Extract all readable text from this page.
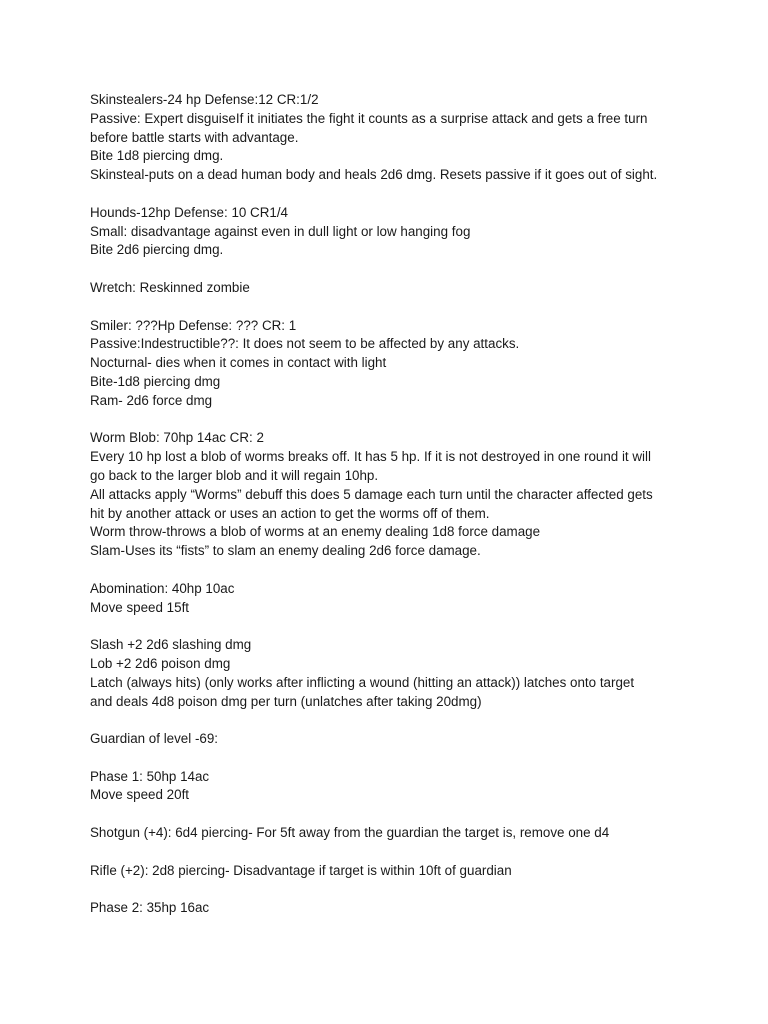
Skinstealers-24 hp Defense:12 CR:1/2

Passive: Expert disguiseIf it initiates the fight it counts as a surprise attack and gets a free turn

before battle starts with advantage.

Bite 1d8 piercing dmg.

Skinsteal-puts on a dead human body and heals 2d6 dmg. Resets passive if it goes out of sight.

Hounds-12hp Defense: 10 CR1/4

Small: disadvantage against even in dull light or low hanging fog

Bite 2d6 piercing dmg.

Wretch: Reskinned zombie

Smiler: ???Hp Defense: ??? CR: 1

Passive:Indestructible??: It does not seem to be affected by any attacks.

Nocturnal- dies when it comes in contact with light

Bite-1d8 piercing dmg

Ram- 2d6 force dmg

Worm Blob: 70hp 14ac CR: 2

Every 10 hp lost a blob of worms breaks off. It has 5 hp. If it is not destroyed in one round it will

go back to the larger blob and it will regain 10hp.

All attacks apply “Worms” debuff this does 5 damage each turn until the character affected gets

hit by another attack or uses an action to get the worms off of them.

Worm throw-throws a blob of worms at an enemy dealing 1d8 force damage

Slam-Uses its “fists” to slam an enemy dealing 2d6 force damage.

Abomination: 40hp 10ac

Move speed 15ft

Slash +2 2d6 slashing dmg

Lob +2 2d6 poison dmg

Latch (always hits) (only works after inflicting a wound (hitting an attack)) latches onto target

and deals 4d8 poison dmg per turn (unlatches after taking 20dmg)

Guardian of level -69:

Phase 1: 50hp 14ac

Move speed 20ft

Shotgun (+4): 6d4 piercing- For 5ft away from the guardian the target is, remove one d4

Rifle (+2): 2d8 piercing- Disadvantage if target is within 10ft of guardian

Phase 2: 35hp 16ac
